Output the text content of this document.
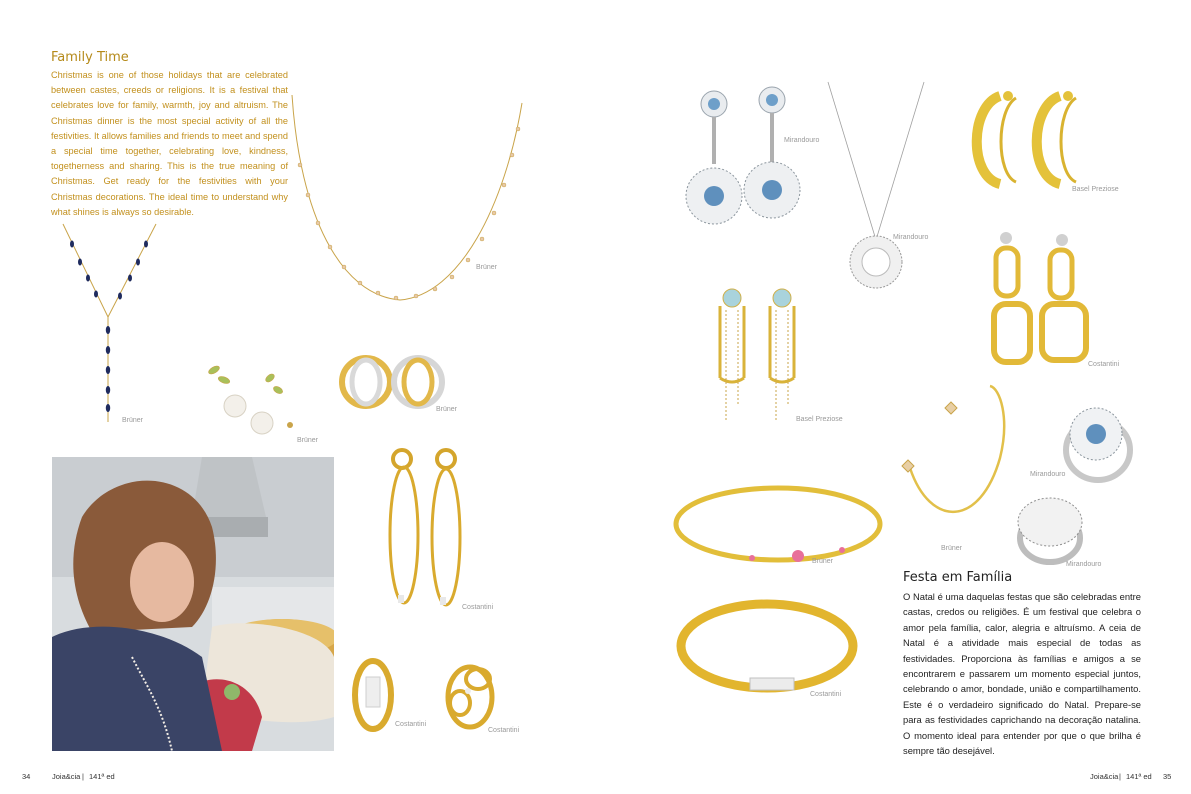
Family Time
Christmas is one of those holidays that are celebrated between castes, creeds or religions. It is a festival that celebrates love for family, warmth, joy and altruism. The Christmas dinner is the most special activity of all the festivities. It allows families and friends to meet and spend a special time together, celebrating love, kindness, togetherness and sharing. This is the true meaning of Christmas. Get ready for the festivities with your Christmas decorations. The ideal time to understand why what shines is always so desirable.
Brüner
Brüner
Brüner
Brüner
Costantini
Costantini
Costantini
34	Joia&cia | 141ª ed
Mirandouro
Mirandouro
Basel Preziose
Costantini
Basel Preziose
Brüner
Mirandouro
Brüner	Mirandouro
Costantini
Festa em Família
O Natal é uma daquelas festas que são celebradas entre castas, credos ou religiões. É um festival que celebra o amor pela família, calor, alegria e altruísmo. A ceia de Natal é a atividade mais especial de todas as festividades. Proporciona às famílias e amigos a se encontrarem e passarem um momento especial juntos, celebrando o amor, bondade, união e compartilhamento. Este é o verdadeiro significado do Natal. Prepare-se para as festividades caprichando na decoração natalina. O momento ideal para entender por que o que brilha é sempre tão desejável.
Joia&cia | 141ª ed 35
